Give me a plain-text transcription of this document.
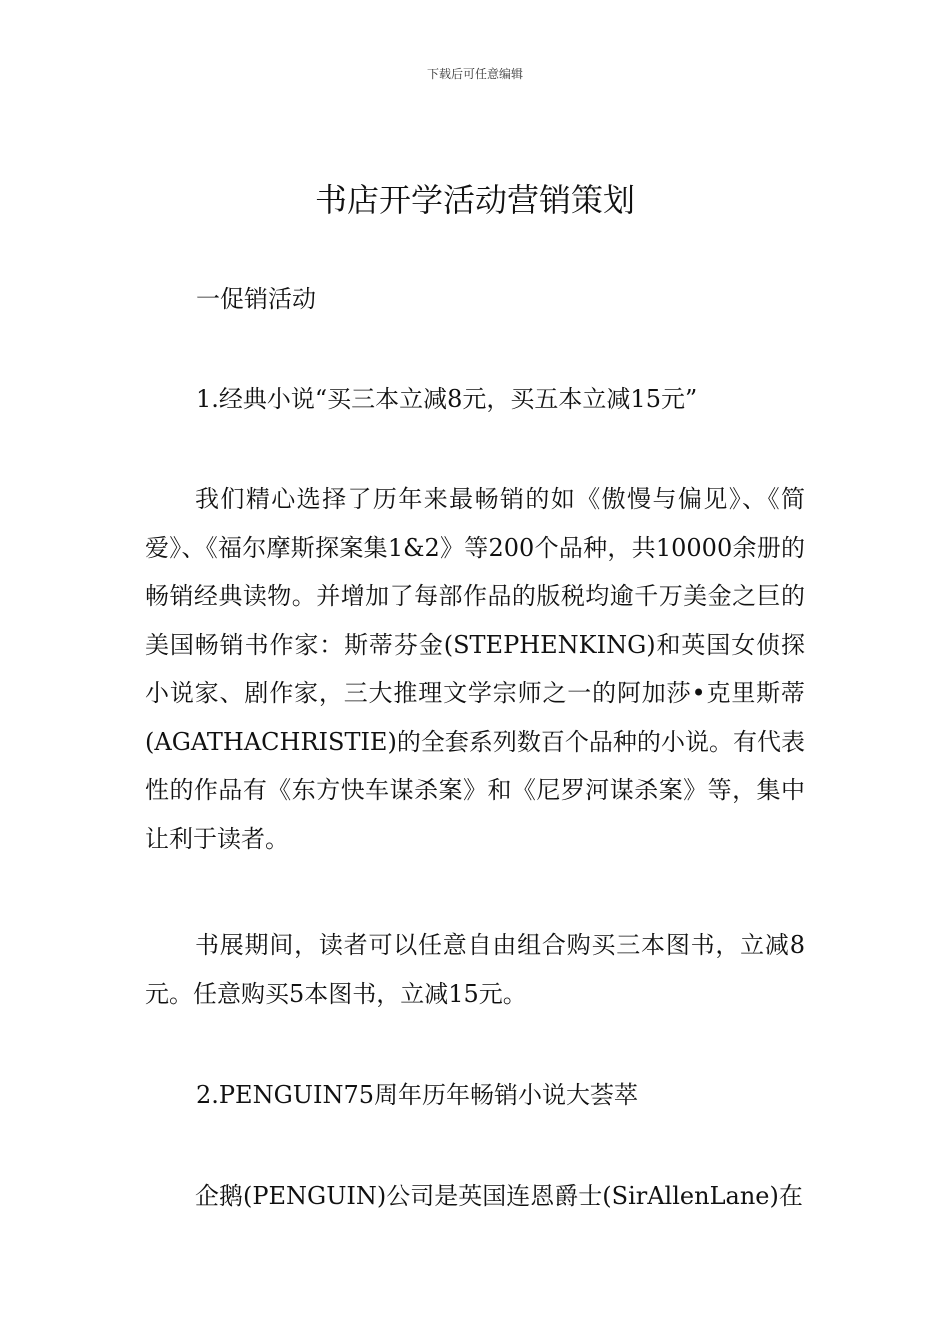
下载后可任意编辑
书店开学活动营销策划

一促销活动

1.经典小说“买三本立减8元，买五本立减15元”

我们精心选择了历年来最畅销的如《傲慢与偏见》、《简爱》、《福尔摩斯探案集1&2》等200个品种，共10000余册的畅销经典读物。并增加了每部作品的版税均逾千万美金之巨的美国畅销书作家：斯蒂芬金(STEPHENKING)和英国女侦探小说家、剧作家，三大推理文学宗师之一的阿加莎•克里斯蒂(AGATHACHRISTIE)的全套系列数百个品种的小说。有代表性的作品有《东方快车谋杀案》和《尼罗河谋杀案》等，集中让利于读者。

书展期间，读者可以任意自由组合购买三本图书，立减8元。任意购买5本图书，立减15元。

2.PENGUIN75周年历年畅销小说大荟萃

企鹅(PENGUIN)公司是英国连恩爵士(SirAllenLane)在
